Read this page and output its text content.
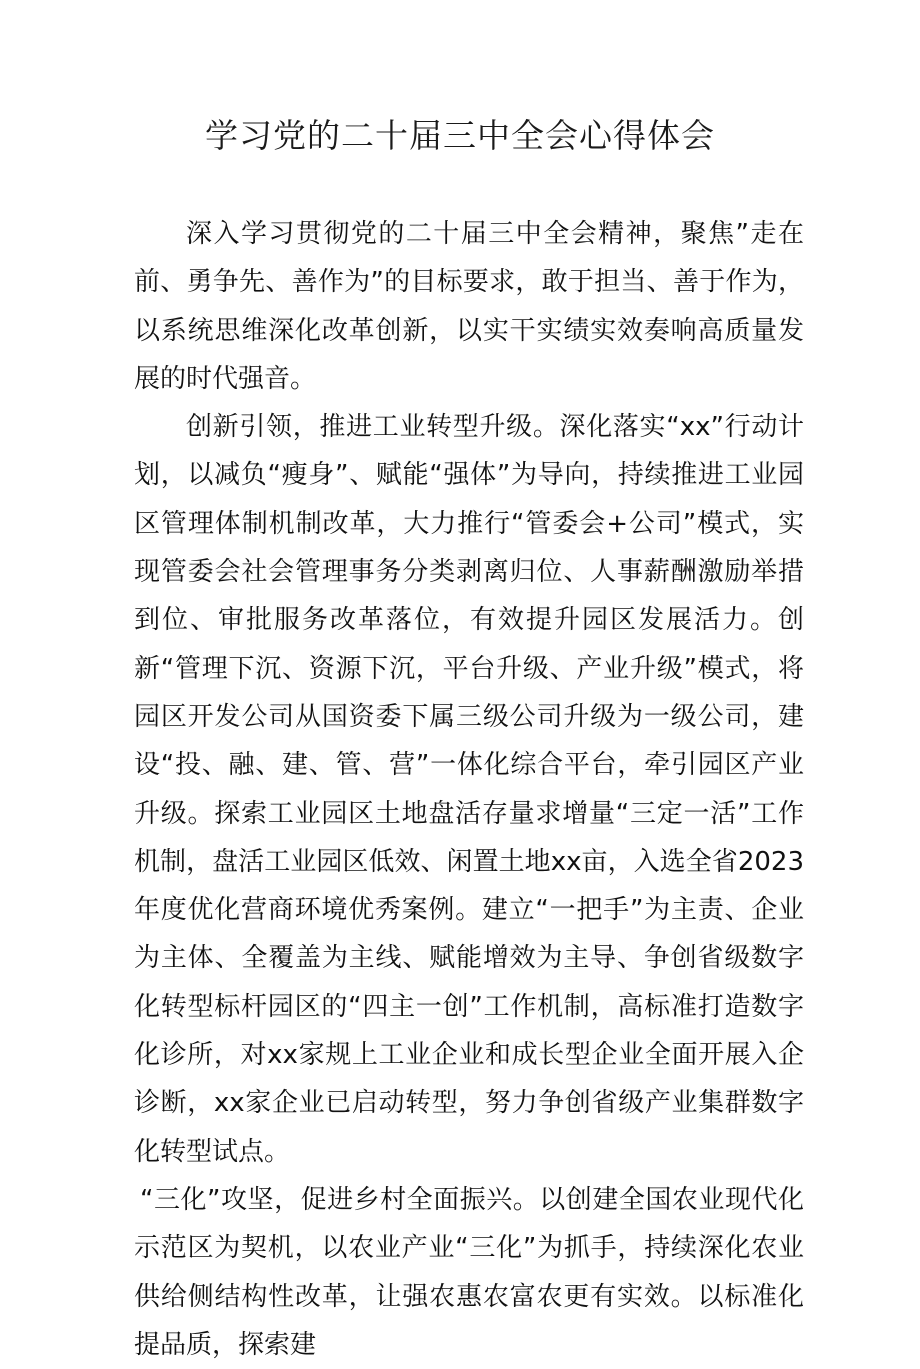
学习党的二十届三中全会心得体会

深入学习贯彻党的二十届三中全会精神，聚焦”走在前、勇争先、善作为”的目标要求，敢于担当、善于作为，以系统思维深化改革创新，以实干实绩实效奏响高质量发展的时代强音。

创新引领，推进工业转型升级。深化落实“xx”行动计划，以减负“瘦身”、赋能“强体”为导向，持续推进工业园区管理体制机制改革，大力推行“管委会+公司”模式，实现管委会社会管理事务分类剥离归位、人事薪酬激励举措到位、审批服务改革落位，有效提升园区发展活力。创新“管理下沉、资源下沉，平台升级、产业升级”模式，将园区开发公司从国资委下属三级公司升级为一级公司，建设“投、融、建、管、营”一体化综合平台，牵引园区产业升级。探索工业园区土地盘活存量求增量“三定一活”工作机制，盘活工业园区低效、闲置土地xx亩，入选全省2023年度优化营商环境优秀案例。建立“一把手”为主责、企业为主体、全覆盖为主线、赋能增效为主导、争创省级数字化转型标杆园区的“四主一创”工作机制，高标准打造数字化诊所，对xx家规上工业企业和成长型企业全面开展入企诊断，xx家企业已启动转型，努力争创省级产业集群数字化转型试点。

“三化”攻坚，促进乡村全面振兴。以创建全国农业现代化示范区为契机，以农业产业“三化”为抓手，持续深化农业供给侧结构性改革，让强农惠农富农更有实效。以标准化提品质，探索建
